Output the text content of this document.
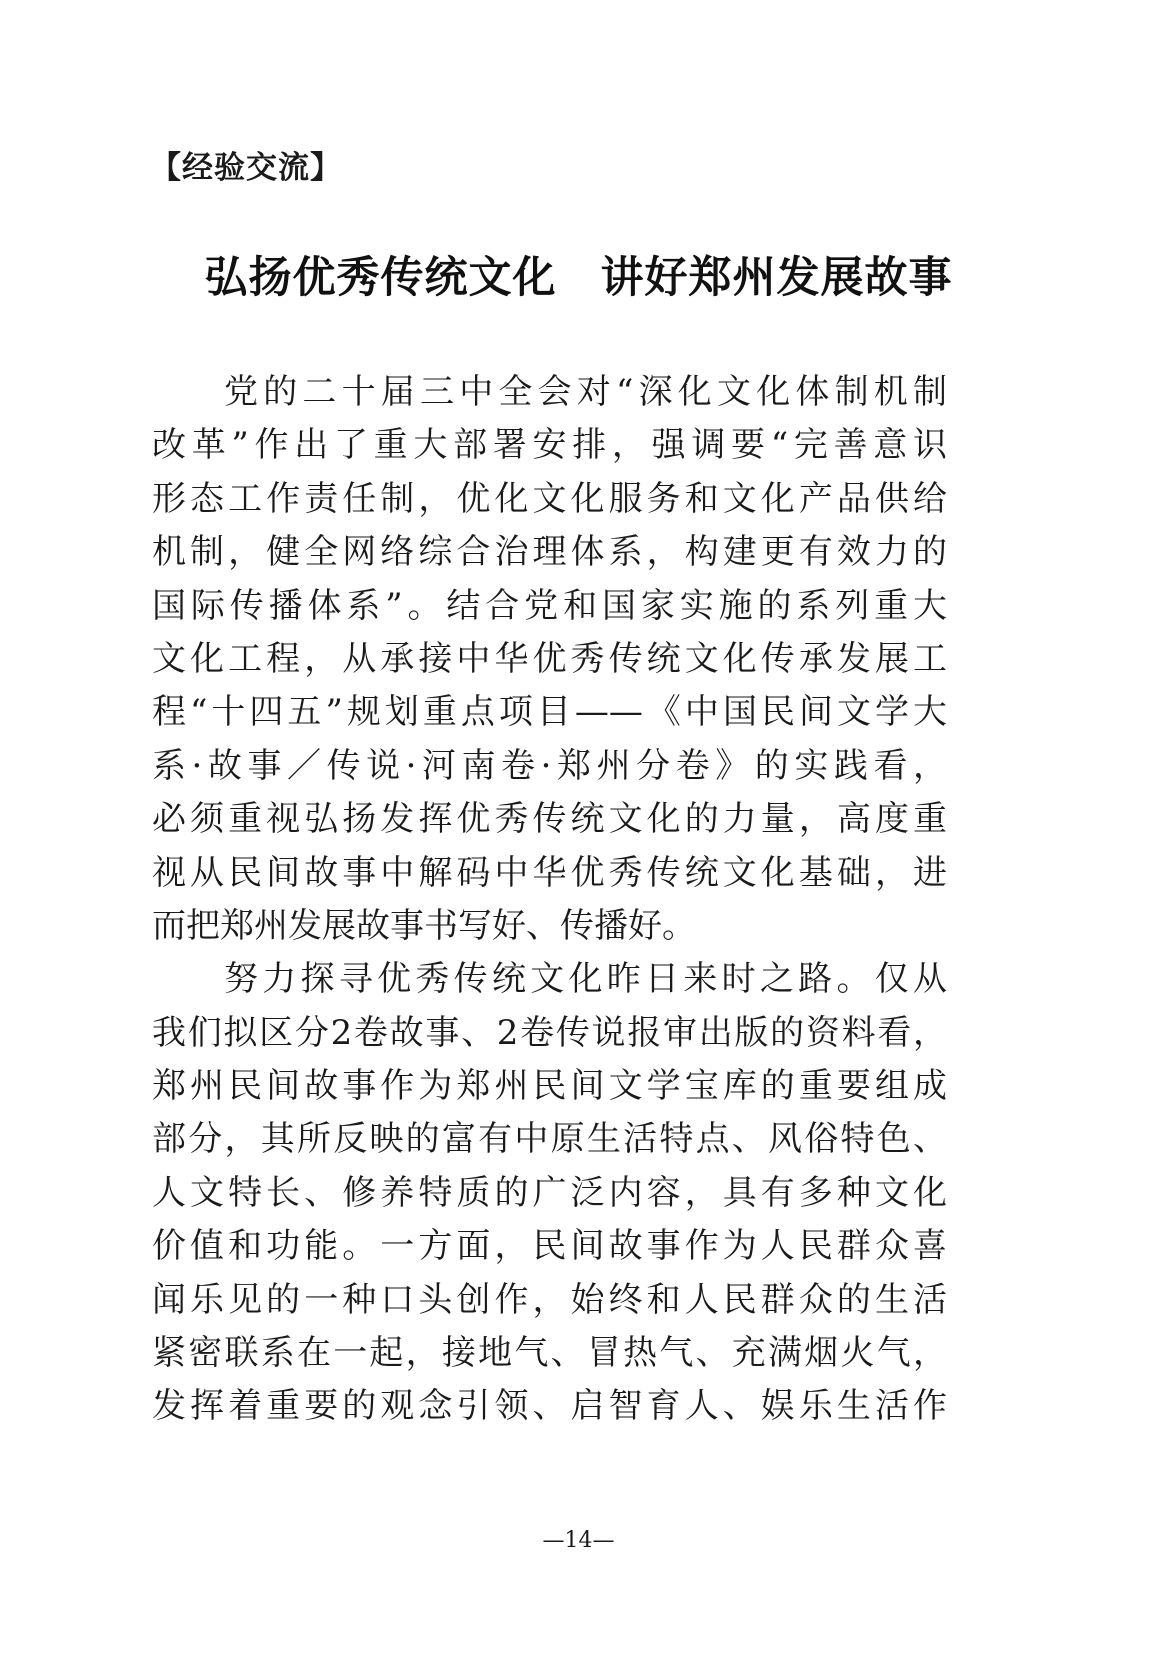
【经验交流】
弘扬优秀传统文化　讲好郑州发展故事
党的二十届三中全会对“深化文化体制机制
改革”作出了重大部署安排，强调要“完善意识
形态工作责任制，优化文化服务和文化产品供给
机制，健全网络综合治理体系，构建更有效力的
国际传播体系”。结合党和国家实施的系列重大
文化工程，从承接中华优秀传统文化传承发展工
程“十四五”规划重点项目——《中国民间文学大
系·故事／传说·河南卷·郑州分卷》的实践看，
必须重视弘扬发挥优秀传统文化的力量，高度重
视从民间故事中解码中华优秀传统文化基础，进
而把郑州发展故事书写好、传播好。
努力探寻优秀传统文化昨日来时之路。仅从
我们拟区分2卷故事、2卷传说报审出版的资料看，
郑州民间故事作为郑州民间文学宝库的重要组成
部分，其所反映的富有中原生活特点、风俗特色、
人文特长、修养特质的广泛内容，具有多种文化
价值和功能。一方面，民间故事作为人民群众喜
闻乐见的一种口头创作，始终和人民群众的生活
紧密联系在一起，接地气、冒热气、充满烟火气，
发挥着重要的观念引领、启智育人、娱乐生活作
—14—
